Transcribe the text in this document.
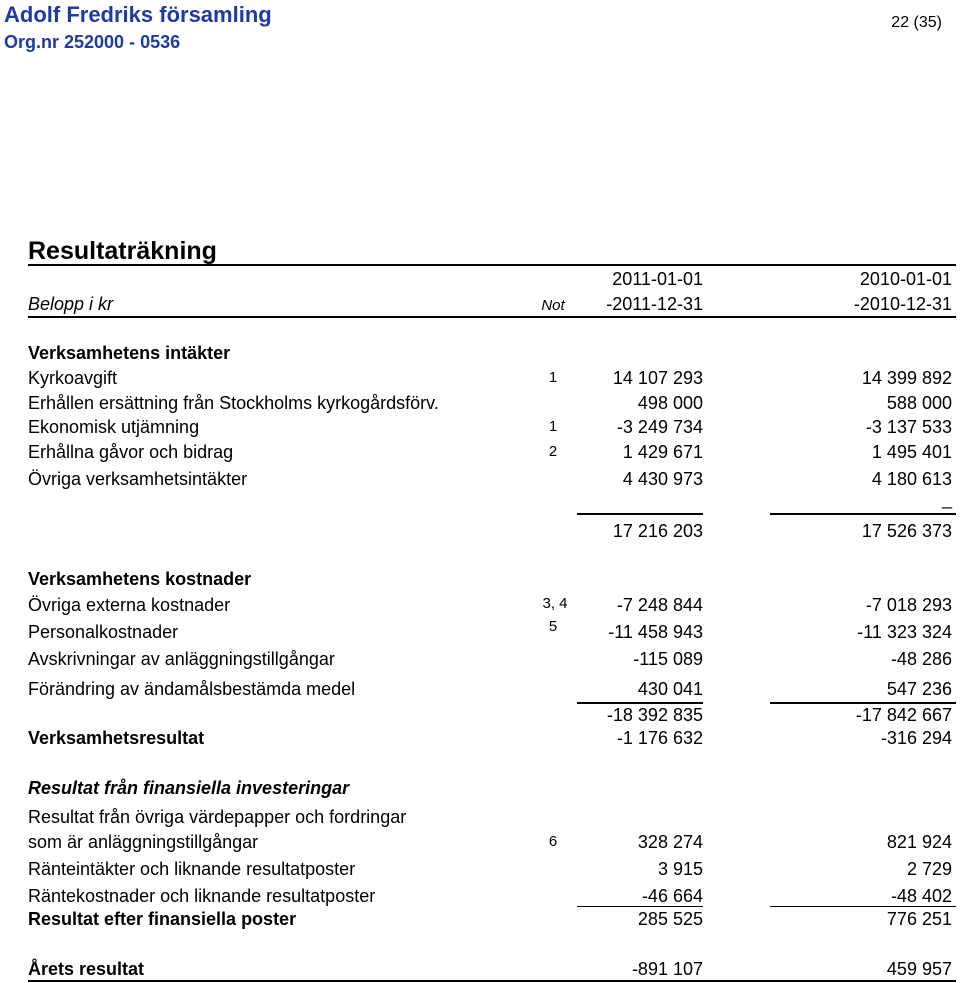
Adolf Fredriks församling
Org.nr 252000 - 0536
22 (35)
Resultaträkning
2011-01-01	2010-01-01
Belopp i kr	Not -2011-12-31	-2010-12-31
Verksamhetens intäkter
Kyrkoavgift	1	14 107 293	14 399 892
Erhållen ersättning från Stockholms kyrkogårdsförv.	498 000	588 000
Ekonomisk utjämning	1	-3 249 734	-3 137 533
Erhållna gåvor och bidrag	2	1 429 671	1 495 401
Övriga verksamhetsintäkter	4 430 973	4 180 613
_
17 216 203	17 526 373
Verksamhetens kostnader
Övriga externa kostnader	3, 4	-7 248 844	-7 018 293
Personalkostnader	5	-11 458 943	-11 323 324
Avskrivningar av anläggningstillgångar	-115 089	-48 286
Förändring av ändamålsbestämda medel	430 041	547 236
-18 392 835	-17 842 667
Verksamhetsresultat	-1 176 632	-316 294
Resultat från finansiella investeringar
Resultat från övriga värdepapper och fordringar
som är anläggningstillgångar	6	328 274	821 924
Ränteintäkter och liknande resultatposter	3 915	2 729
Räntekostnader och liknande resultatposter	-46 664	-48 402
Resultat efter finansiella poster	285 525	776 251
Årets resultat	-891 107	459 957
